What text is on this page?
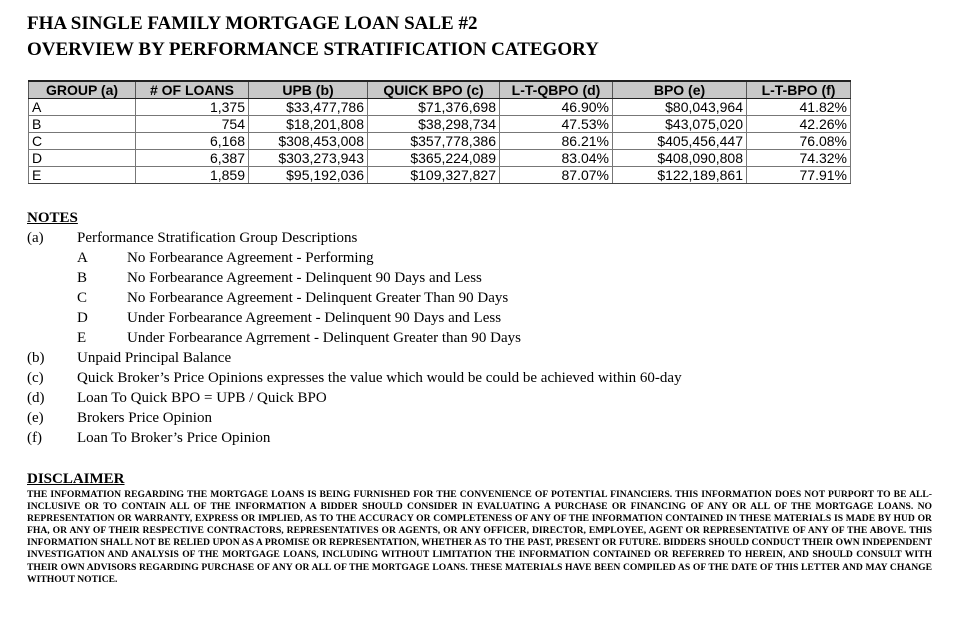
FHA SINGLE FAMILY MORTGAGE LOAN SALE #2
OVERVIEW BY PERFORMANCE STRATIFICATION CATEGORY
GROUP (a)	# OF LOANS	UPB (b)	QUICK BPO (c)	L-T-QBPO (d)	BPO (e)	L-T-BPO (f)
A	1,375	$33,477,786	$71,376,698	46.90%	$80,043,964	41.82%
B	754	$18,201,808	$38,298,734	47.53%	$43,075,020	42.26%
C	6,168	$308,453,008	$357,778,386	86.21%	$405,456,447	76.08%
D	6,387	$303,273,943	$365,224,089	83.04%	$408,090,808	74.32%
E	1,859	$95,192,036	$109,327,827	87.07%	$122,189,861	77.91%
NOTES
(a) Performance Stratification Group Descriptions
A	No Forbearance Agreement - Performing
B	No Forbearance Agreement - Delinquent 90 Days and Less
C	No Forbearance Agreement - Delinquent Greater Than 90 Days
D	Under Forbearance Agreement - Delinquent 90 Days and Less
E	Under Forbearance Agrrement - Delinquent Greater than 90 Days
(b) Unpaid Principal Balance
(c) Quick Broker’s Price Opinions expresses the value which would be could be achieved within 60-day
(d) Loan To Quick BPO = UPB / Quick BPO
(e) Brokers Price Opinion
(f) Loan To Broker’s Price Opinion
DISCLAIMER
THE INFORMATION REGARDING THE MORTGAGE LOANS IS BEING FURNISHED FOR THE CONVENIENCE OF POTENTIAL FINANCIERS. THIS INFORMATION DOES NOT PURPORT TO BE ALL-INCLUSIVE OR TO CONTAIN ALL OF THE INFORMATION A BIDDER SHOULD CONSIDER IN EVALUATING A PURCHASE OR FINANCING OF ANY OR ALL OF THE MORTGAGE LOANS. NO REPRESENTATION OR WARRANTY, EXPRESS OR IMPLIED, AS TO THE ACCURACY OR COMPLETENESS OF ANY OF THE INFORMATION CONTAINED IN THESE MATERIALS IS MADE BY HUD OR FHA, OR ANY OF THEIR RESPECTIVE CONTRACTORS, REPRESENTATIVES OR AGENTS, OR ANY OFFICER, DIRECTOR, EMPLOYEE, AGENT OR REPRESENTATIVE OF ANY OF THE ABOVE. THIS INFORMATION SHALL NOT BE RELIED UPON AS A PROMISE OR REPRESENTATION, WHETHER AS TO THE PAST, PRESENT OR FUTURE. BIDDERS SHOULD CONDUCT THEIR OWN INDEPENDENT INVESTIGATION AND ANALYSIS OF THE MORTGAGE LOANS, INCLUDING WITHOUT LIMITATION THE INFORMATION CONTAINED OR REFERRED TO HEREIN, AND SHOULD CONSULT WITH THEIR OWN ADVISORS REGARDING PURCHASE OF ANY OR ALL OF THE MORTGAGE LOANS. THESE MATERIALS HAVE BEEN COMPILED AS OF THE DATE OF THIS LETTER AND MAY CHANGE WITHOUT NOTICE.
